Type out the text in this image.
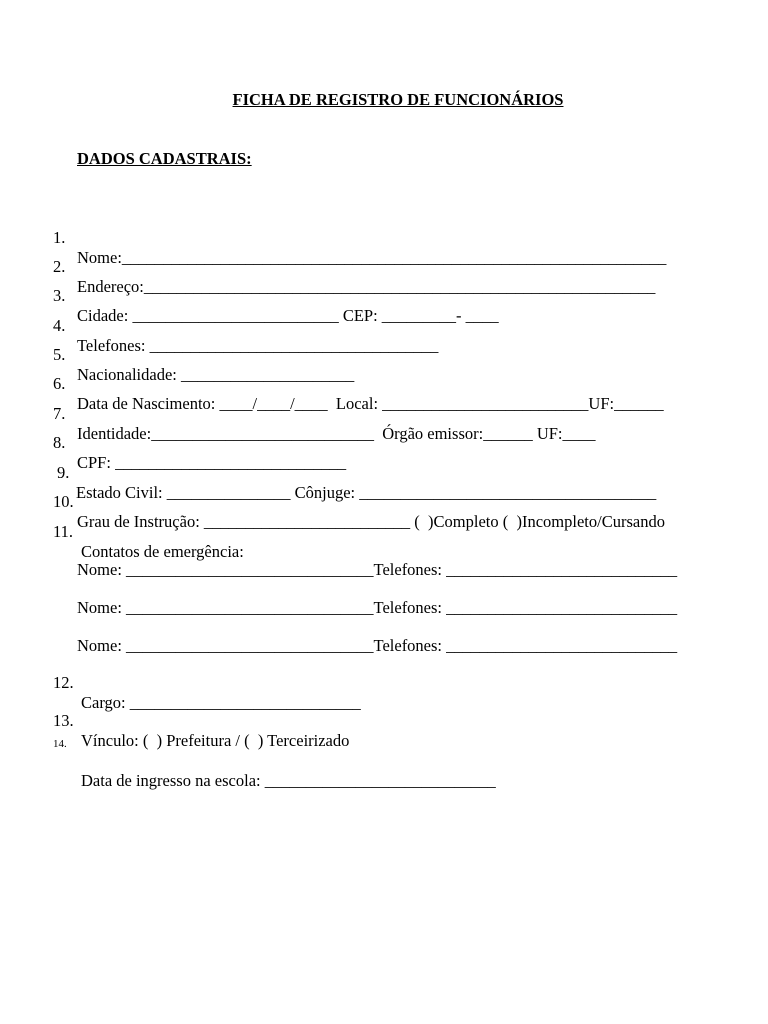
FICHA DE REGISTRO DE FUNCIONÁRIOS
DADOS CADASTRAIS:

1.

Nome:__________________________________________________________________

2.

Endereço:______________________________________________________________

3.

Cidade: _________________________ CEP: _________- ____

4.

Telefones: ___________________________________

5.

Nacionalidade: _____________________

6.

Data de Nascimento: ____/____/____  Local: _________________________UF:______

7.

Identidade:___________________________  Órgão emissor:______ UF:____

8.

CPF: ____________________________

9.

Estado Civil: _______________ Cônjuge: ____________________________________

10.

Grau de Instrução: _________________________ (  )Completo (  )Incompleto/Cursando

11.

Contatos de emergência:

Nome: ______________________________Telefones: ____________________________

Nome: ______________________________Telefones: ____________________________

Nome: ______________________________Telefones: ____________________________

12.

Cargo: ____________________________

13.

Vínculo: (  ) Prefeitura / (  ) Terceirizado

14.

Data de ingresso na escola: ____________________________
